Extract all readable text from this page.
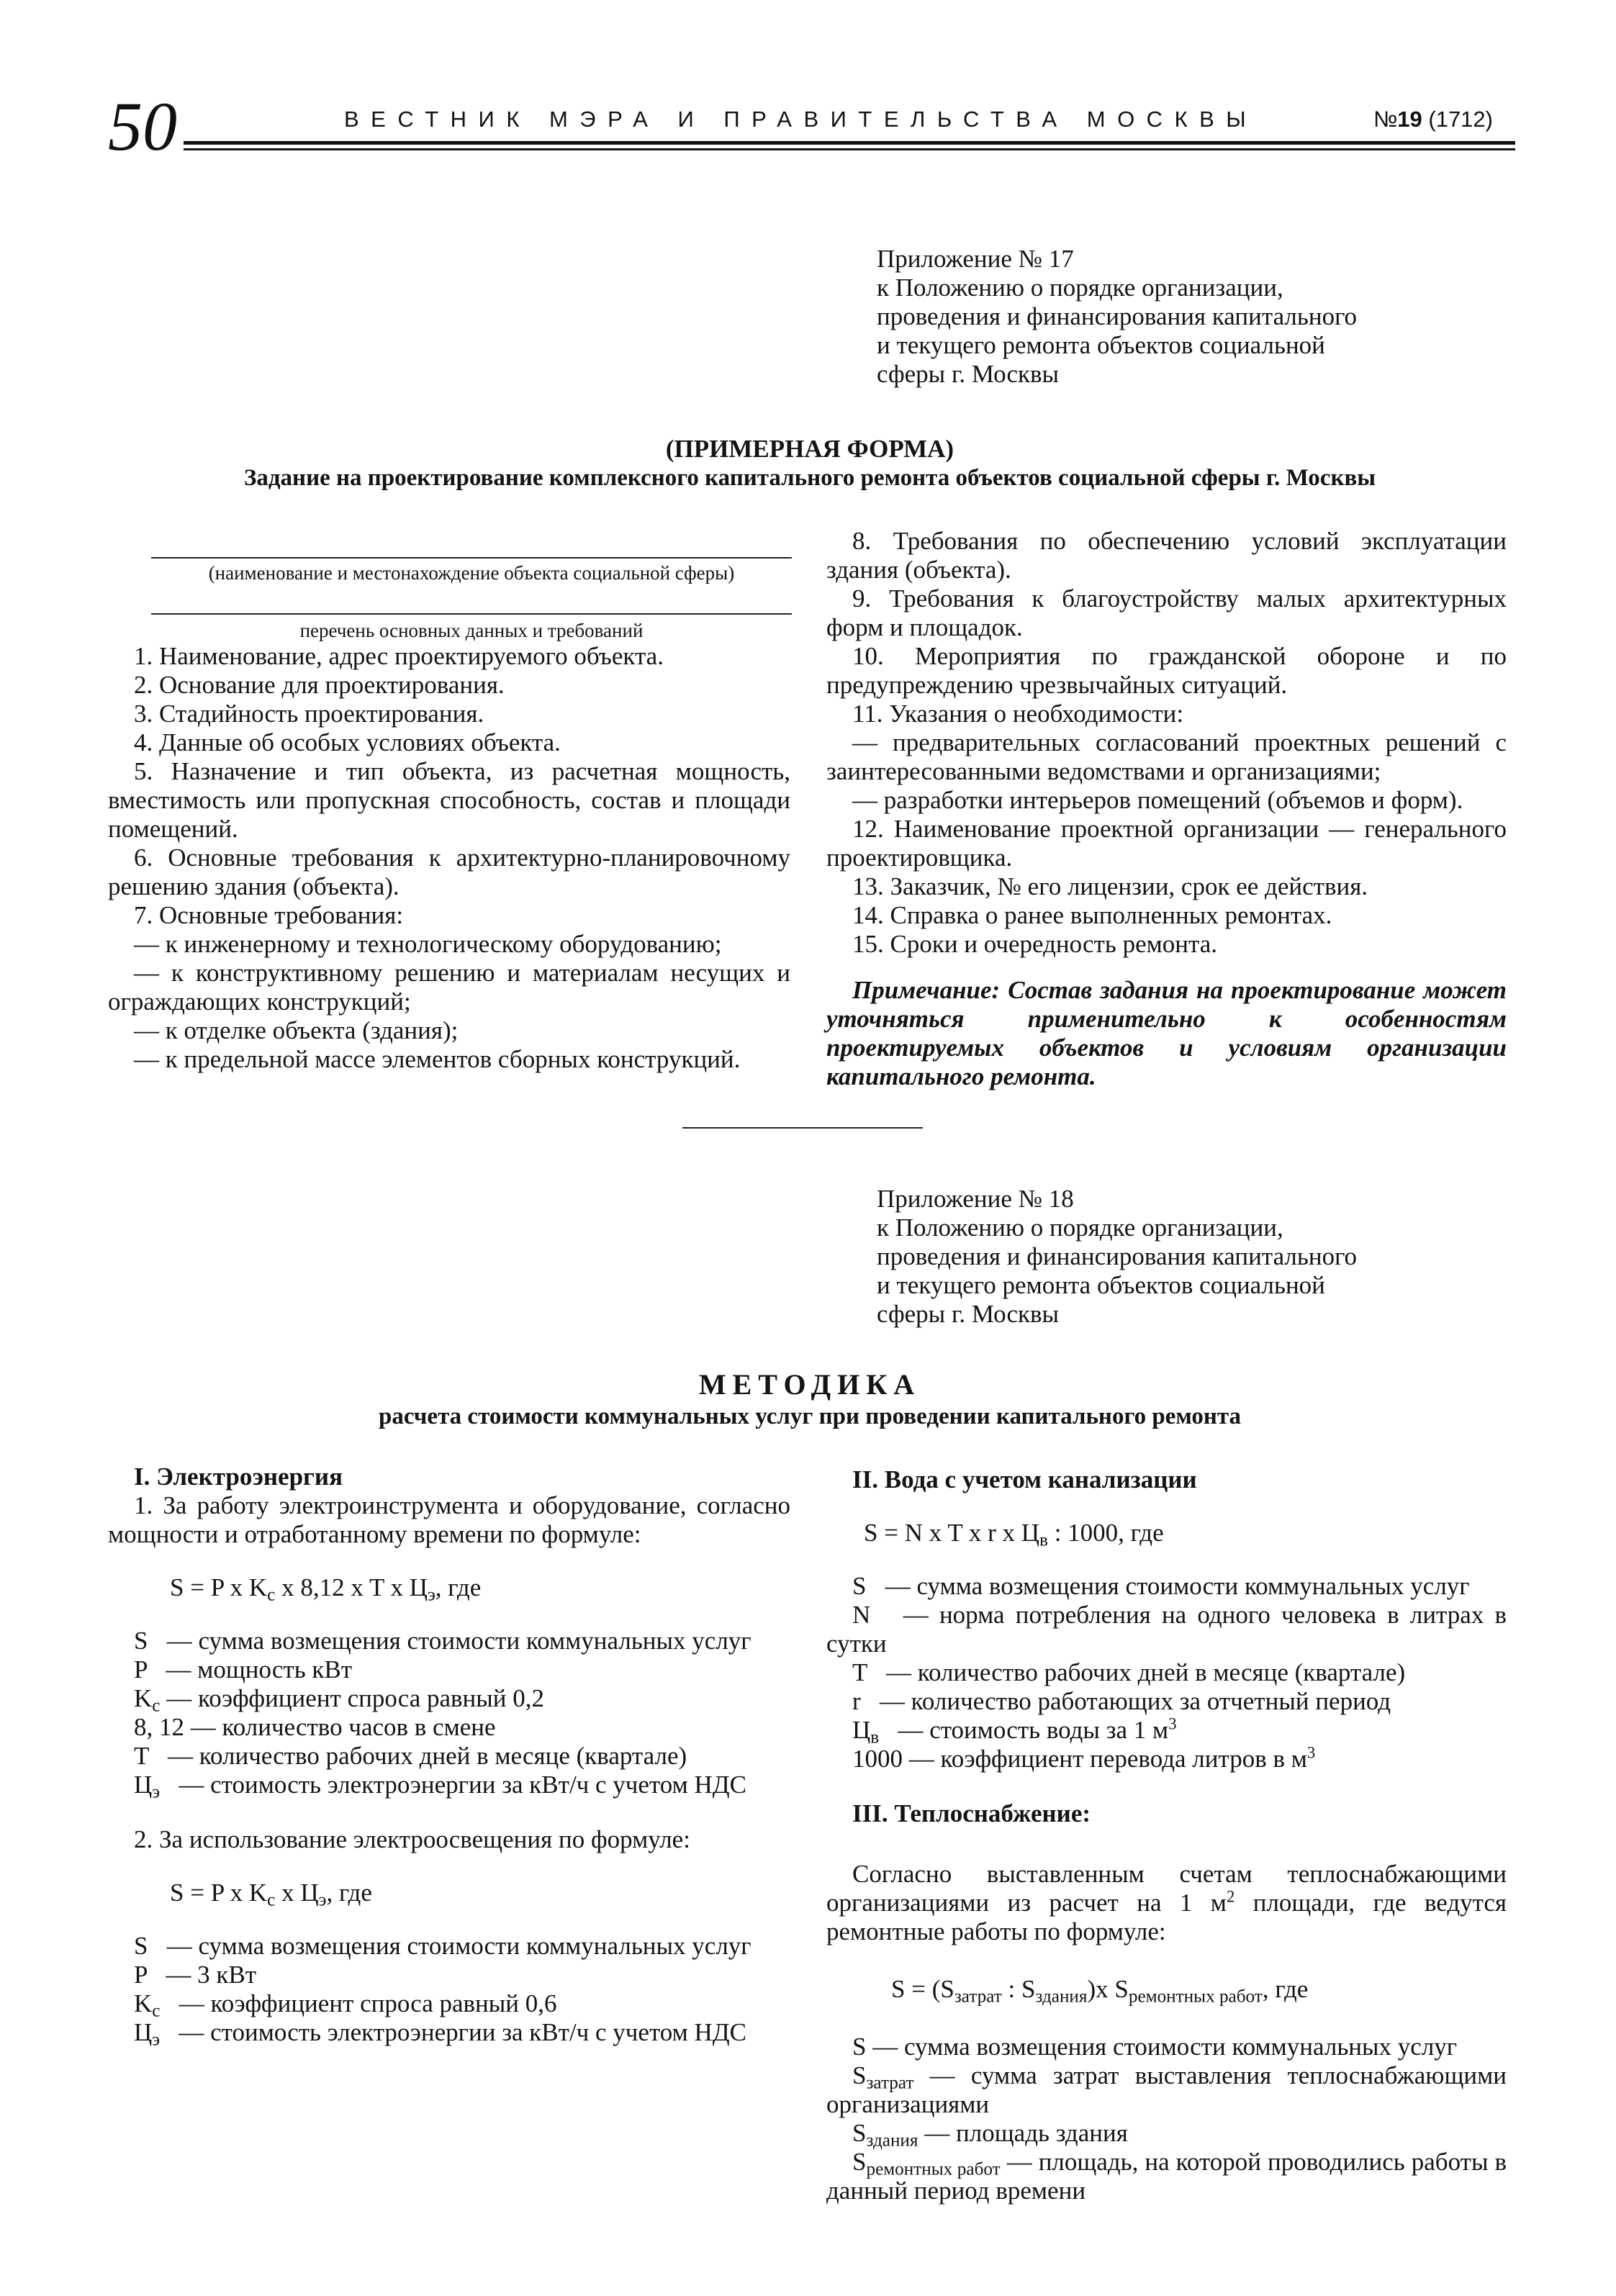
50	ВЕСТНИК МЭРА И ПРАВИТЕЛЬСТВА МОСКВЫ	№19 (1712)
Приложение № 17
к Положению о порядке организации,
проведения и финансирования капитального
и текущего ремонта объектов социальной
сферы г. Москвы
(ПРИМЕРНАЯ ФОРМА)
Задание на проектирование комплексного капитального ремонта объектов социальной сферы г. Москвы
(наименование и местонахождение объекта социальной сферы)
перечень основных данных и требований

1. Наименование, адрес проектируемого объекта.

2. Основание для проектирования.

3. Стадийность проектирования.

4. Данные об особых условиях объекта.

5. Назначение и тип объекта, из расчетная мощность, вместимость или пропускная способность, состав и площади помещений.

6. Основные требования к архитектурно-планировочному решению здания (объекта).

7. Основные требования:

— к инженерному и технологическому оборудованию;

— к конструктивному решению и материалам несущих и ограждающих конструкций;

— к отделке объекта (здания);

— к предельной массе элементов сборных конструкций.

8. Требования по обеспечению условий эксплуатации здания (объекта).

9. Требования к благоустройству малых архитектурных форм и площадок.

10. Мероприятия по гражданской обороне и по предупреждению чрезвычайных ситуаций.

11. Указания о необходимости:

— предварительных согласований проектных решений с заинтересованными ведомствами и организациями;

— разработки интерьеров помещений (объемов и форм).

12. Наименование проектной организации — генерального проектировщика.

13. Заказчик, № его лицензии, срок ее действия.

14. Справка о ранее выполненных ремонтах.

15. Сроки и очередность ремонта.

Примечание: Состав задания на проектирование может уточняться применительно к особенностям проектируемых объектов и условиям организации капитального ремонта.

Приложение № 18
к Положению о порядке организации,
проведения и финансирования капитального
и текущего ремонта объектов социальной
сферы г. Москвы
МЕТОДИКА
расчета стоимости коммунальных услуг при проведении капитального ремонта

I. Электроэнергия

1. За работу электроинструмента и оборудование, согласно мощности и отработанному времени по формуле:

S = P x $K_c$ x 8,12 x T x $Ц_э$, где

S — сумма возмещения стоимости коммунальных услуг

P — мощность кВт

$K_c$ — коэффициент спроса равный 0,2

8, 12 — количество часов в смене

T — количество рабочих дней в месяце (квартале)

$Ц_э$ — стоимость электроэнергии за кВт/ч с учетом НДС

2. За использование электроосвещения по формуле:

S = P x $K_c$ x $Ц_э$, где

S — сумма возмещения стоимости коммунальных услуг

P — 3 кВт

$K_c$ — коэффициент спроса равный 0,6

$Ц_э$ — стоимость электроэнергии за кВт/ч с учетом НДС

II. Вода с учетом канализации

S = N x T x r x $Ц_в$ : 1000, где

S — сумма возмещения стоимости коммунальных услуг

N — норма потребления на одного человека в литрах в сутки

T — количество рабочих дней в месяце (квартале)

r — количество работающих за отчетный период

$Ц_в$ — стоимость воды за 1 $м^3$

1000 — коэффициент перевода литров в $м^3$

III. Теплоснабжение:

Согласно выставленным счетам теплоснабжающими организациями из расчет на 1 $м^2$ площади, где ведутся ремонтные работы по формуле:

$S = (S_{затрат}$ : $S_{здания})x$ $S_{ремонтных работ}$, где

S — сумма возмещения стоимости коммунальных услуг

$S_{затрат}$ — сумма затрат выставления теплоснабжающими организациями

$S_{здания}$ — площадь здания

$S_{ремонтных работ}$ — площадь, на которой проводились работы в данный период времени
